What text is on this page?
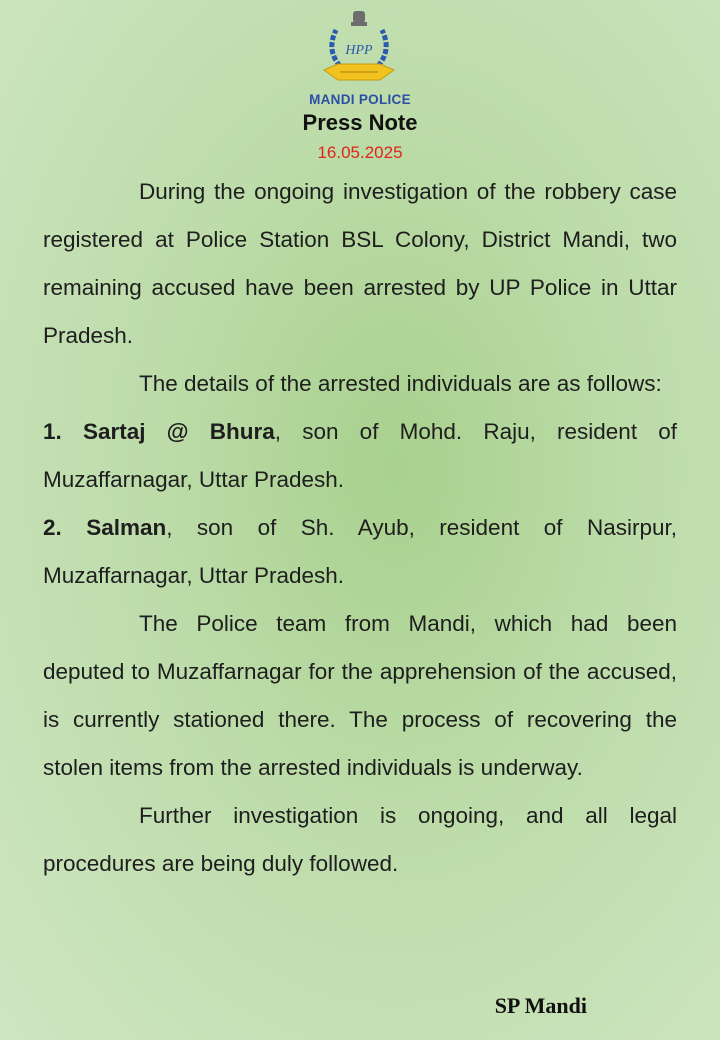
HPP
MANDI POLICE
Press Note
16.05.2025

During the ongoing investigation of the robbery case registered at Police Station BSL Colony, District Mandi, two remaining accused have been arrested by UP Police in Uttar Pradesh.

The details of the arrested individuals are as follows:

1. Sartaj @ Bhura, son of Mohd. Raju, resident of Muzaffarnagar, Uttar Pradesh.

2. Salman, son of Sh. Ayub, resident of Nasirpur, Muzaffarnagar, Uttar Pradesh.

The Police team from Mandi, which had been deputed to Muzaffarnagar for the apprehension of the accused, is currently stationed there. The process of recovering the stolen items from the arrested individuals is underway.

Further investigation is ongoing, and all legal procedures are being duly followed.

SP Mandi
